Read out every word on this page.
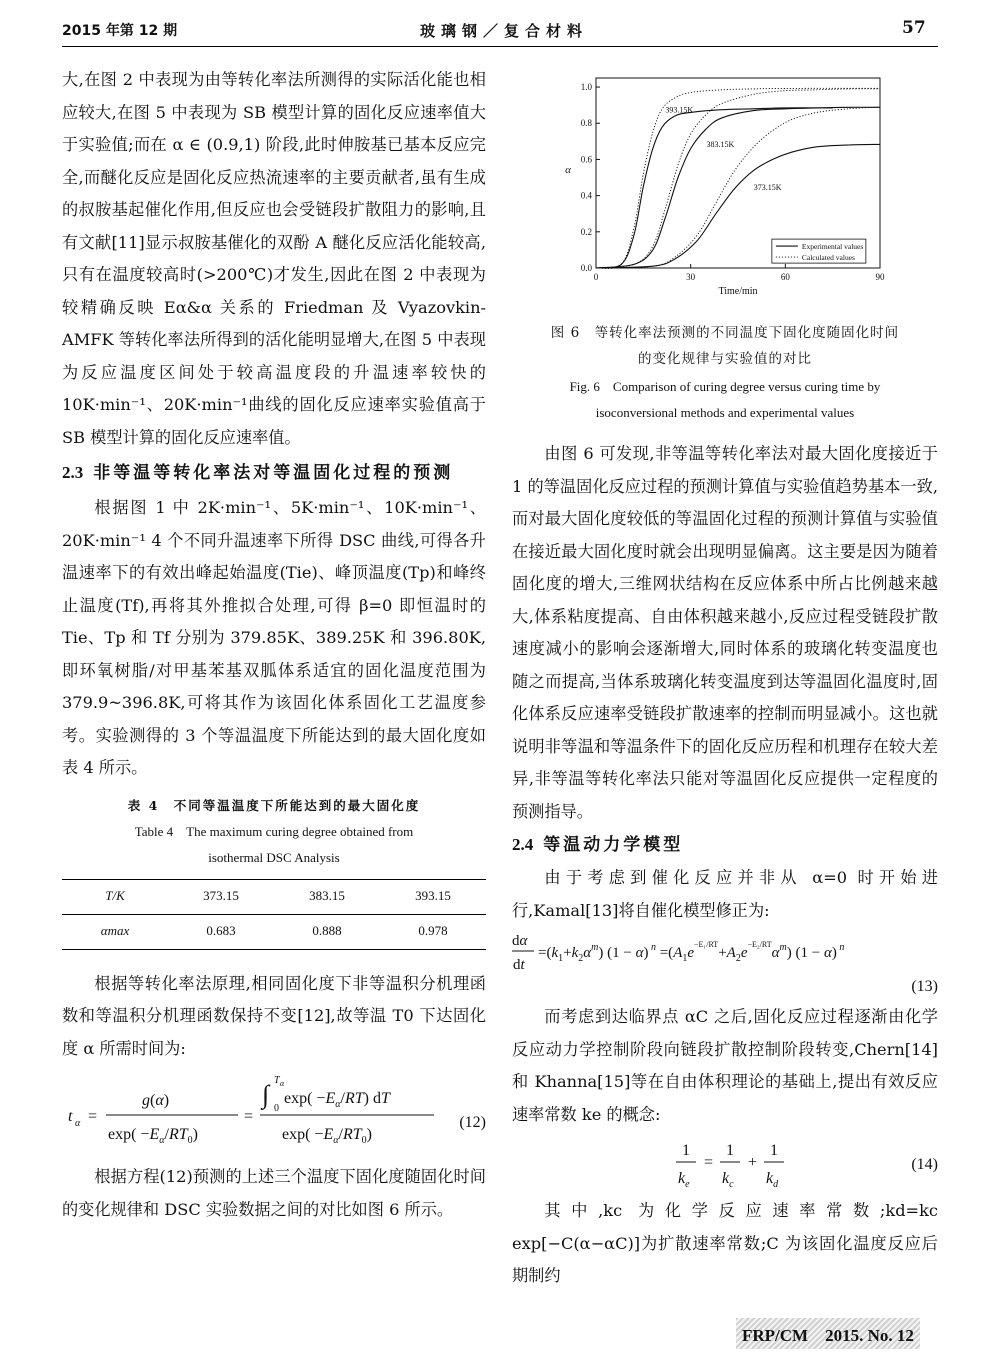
2015 年第 12 期	玻璃钢／复合材料	57

大,在图 2 中表现为由等转化率法所测得的实际活化能也相应较大,在图 5 中表现为 SB 模型计算的固化反应速率值大于实验值;而在 α ∈ (0.9,1) 阶段,此时伸胺基已基本反应完全,而醚化反应是固化反应热流速率的主要贡献者,虽有生成的叔胺基起催化作用,但反应也会受链段扩散阻力的影响,且有文献[11]显示叔胺基催化的双酚 A 醚化反应活化能较高,只有在温度较高时(>200℃)才发生,因此在图 2 中表现为较精确反映 Eα&α 关系的 Friedman 及 Vyazovkin-AMFK 等转化率法所得到的活化能明显增大,在图 5 中表现为反应温度区间处于较高温度段的升温速率较快的 10K·min⁻¹、20K·min⁻¹曲线的固化反应速率实验值高于 SB 模型计算的固化反应速率值。

2.3 非等温等转化率法对等温固化过程的预测

根据图 1 中 2K·min⁻¹、5K·min⁻¹、10K·min⁻¹、20K·min⁻¹ 4 个不同升温速率下所得 DSC 曲线,可得各升温速率下的有效出峰起始温度(Tie)、峰顶温度(Tp)和峰终止温度(Tf),再将其外推拟合处理,可得 β=0 即恒温时的 Tie、Tp 和 Tf 分别为 379.85K、389.25K 和 396.80K,即环氧树脂/对甲基苯基双胍体系适宜的固化温度范围为 379.9~396.8K,可将其作为该固化体系固化工艺温度参考。实验测得的 3 个等温温度下所能达到的最大固化度如表 4 所示。

表 4　不同等温温度下所能达到的最大固化度
Table 4　The maximum curing degree obtained from
isothermal DSC Analysis
T/K	373.15	383.15	393.15
αmax	0.683	0.888	0.978

根据等转化率法原理,相同固化度下非等温积分机理函数和等温积分机理函数保持不变[12],故等温 T0 下达固化度 α 所需时间为:

t α =
g(α)
$\exp( -E_\alpha/RT_0)$
=
∫ T α
0
$\exp( -E_\alpha/RT)$ dT
$\exp( -E_\alpha/RT_0)$
(12)

根据方程(12)预测的上述三个温度下固化度随固化时间的变化规律和 DSC 实验数据之间的对比如图 6 所示。

0.0
0.2
0.4
0.6
0.8
1.0
0	30	60	90
Time/min
α
393.15K
383.15K
373.15K
Experimental values
Calculated values
图 6　等转化率法预测的不同温度下固化度随固化时间
的变化规律与实验值的对比
Fig. 6　Comparison of curing degree versus curing time by
isoconversional methods and experimental values

由图 6 可发现,非等温等转化率法对最大固化度接近于 1 的等温固化反应过程的预测计算值与实验值趋势基本一致,而对最大固化度较低的等温固化过程的预测计算值与实验值在接近最大固化度时就会出现明显偏离。这主要是因为随着固化度的增大,三维网状结构在反应体系中所占比例越来越大,体系粘度提高、自由体积越来越小,反应过程受链段扩散速度减小的影响会逐渐增大,同时体系的玻璃化转变温度也随之而提高,当体系玻璃化转变温度到达等温固化温度时,固化体系反应速率受链段扩散速率的控制而明显减小。这也就说明非等温和等温条件下的固化反应历程和机理存在较大差异,非等温等转化率法只能对等温固化反应提供一定程度的预测指导。

2.4 等温动力学模型

由于考虑到催化反应并非从 α=0 时开始进行,Kamal[13]将自催化模型修正为:

dα
dt
$=(k_1+k_2\alpha^m) (1 - \alpha)$ $^n =(A_1e^{-E_1/RT}+A_2e^{-E_2/RT}\alpha^m) (1 - \alpha)$ $^n$
(13)

而考虑到达临界点 αC 之后,固化反应过程逐渐由化学反应动力学控制阶段向链段扩散控制阶段转变,Chern[14]和 Khanna[15]等在自由体积理论的基础上,提出有效反应速率常数 ke 的概念:

1
$k_e$
=
1
$k_c$
+
1
$k_d$
(14)

其中,kc 为化学反应速率常数;kd=kc exp[−C(α−αC)]为扩散速率常数;C 为该固化温度反应后期制约

FRP/CM　2015. No. 12
